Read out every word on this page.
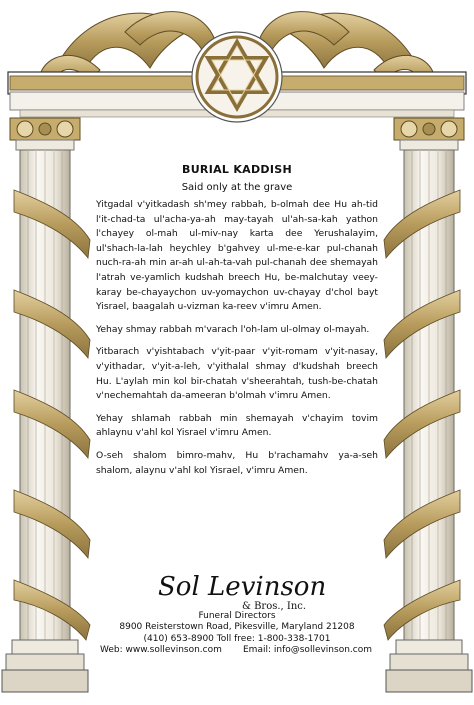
BURIAL KADDISH
Said only at the grave

Yitgadal v'yitkadash sh'mey rabbah, b-olmah dee Hu ah-tid l'it-chad-ta ul'acha-ya-ah may-tayah ul'ah-sa-kah yathon l'chayey ol-mah ul-miv-nay karta dee Yerushalayim, ul'shach-la-lah heychley b'gahvey ul-me-e-kar pul-chanah nuch-ra-ah min ar-ah ul-ah-ta-vah pul-chanah dee shemayah l'atrah ve-yamlich kudshah breech Hu, be-malchutay veey-karay be-chayaychon uv-yomaychon uv-chayay d'chol bayt Yisrael, baagalah u-vizman ka-reev v'imru Amen.

Yehay shmay rabbah m'varach l'oh-lam ul-olmay ol-mayah.

Yitbarach v'yishtabach v'yit-paar v'yit-romam v'yit-nasay, v'yithadar, v'yit-a-leh, v'yithalal shmay d'kudshah breech Hu. L'aylah min kol bir-chatah v'sheerahtah, tush-be-chatah v'nechemahtah da-ameeran b'olmah v'imru Amen.

Yehay shlamah rabbah min shemayah v'chayim tovim ahlaynu v'ahl kol Yisrael v'imru Amen.

O-seh shalom bimro-mahv, Hu b'rachamahv ya-a-seh shalom, alaynu v'ahl kol Yisrael, v'imru Amen.

Sol Levinson
& Bros., Inc.
Funeral Directors
8900 Reisterstown Road, Pikesville, Maryland 21208
(410) 653-8900 Toll free: 1-800-338-1701
Web: www.sollevinson.com Email: info@sollevinson.com
